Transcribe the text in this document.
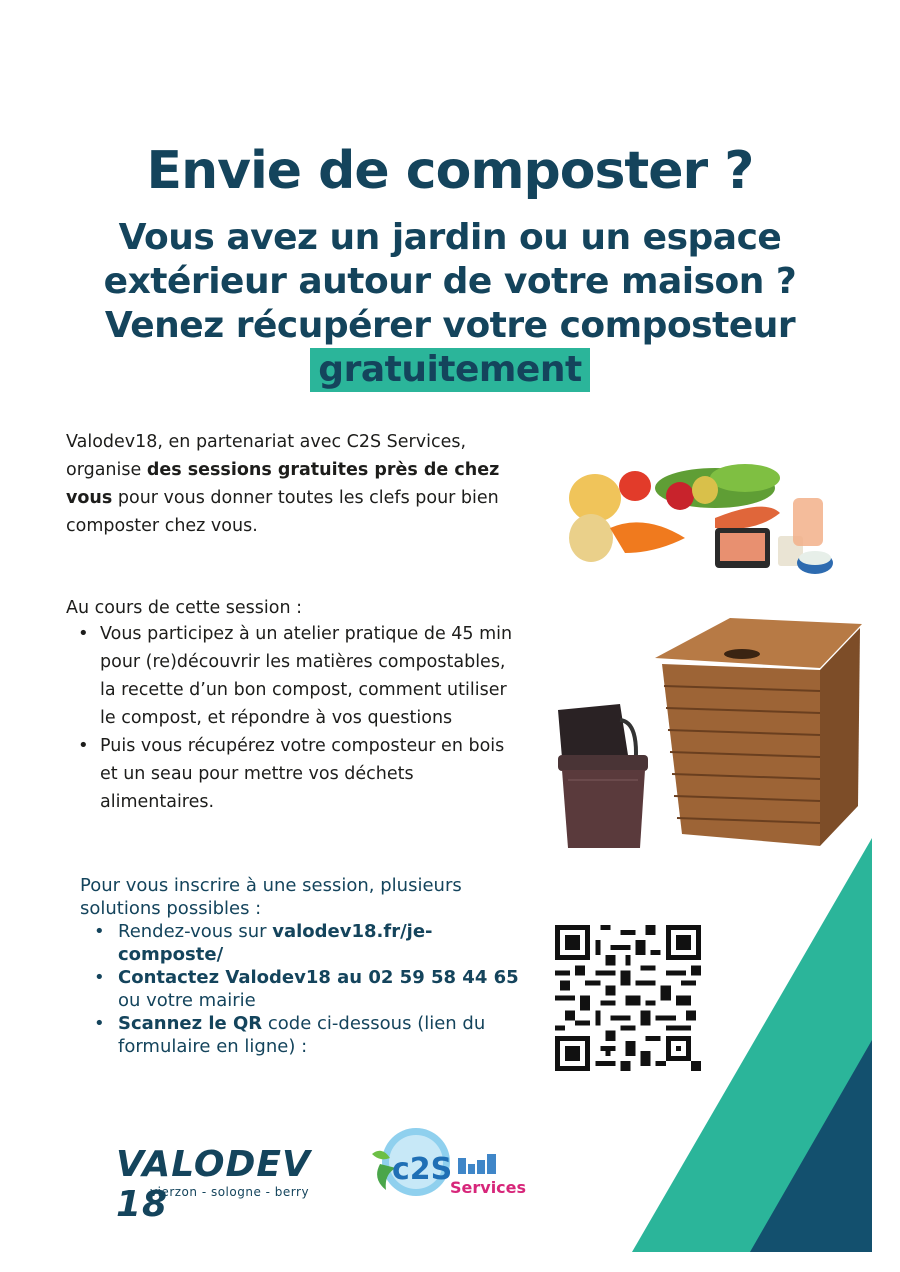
Envie de composter ?
Vous avez un jardin ou un espace
extérieur autour de votre maison ?
Venez récupérer votre composteur
gratuitement
Valodev18, en partenariat avec C2S Services, organise des sessions gratuites près de chez vous pour vous donner toutes les clefs pour bien composter chez vous.
Au cours de cette session :
• Vous participez à un atelier pratique de 45 min pour (re)découvrir les matières compostables, la recette d’un bon compost, comment utiliser le compost, et répondre à vos questions
• Puis vous récupérez votre composteur en bois et un seau pour mettre vos déchets alimentaires.
Pour vous inscrire à une session, plusieurs solutions possibles :
• Rendez-vous sur valodev18.fr/je-composte/
• Contactez Valodev18 au 02 59 58 44 65 ou votre mairie
• Scannez le QR code ci-dessous (lien du formulaire en ligne) :
VALODEV 18
vierzon - sologne - berry
c2S
Services
